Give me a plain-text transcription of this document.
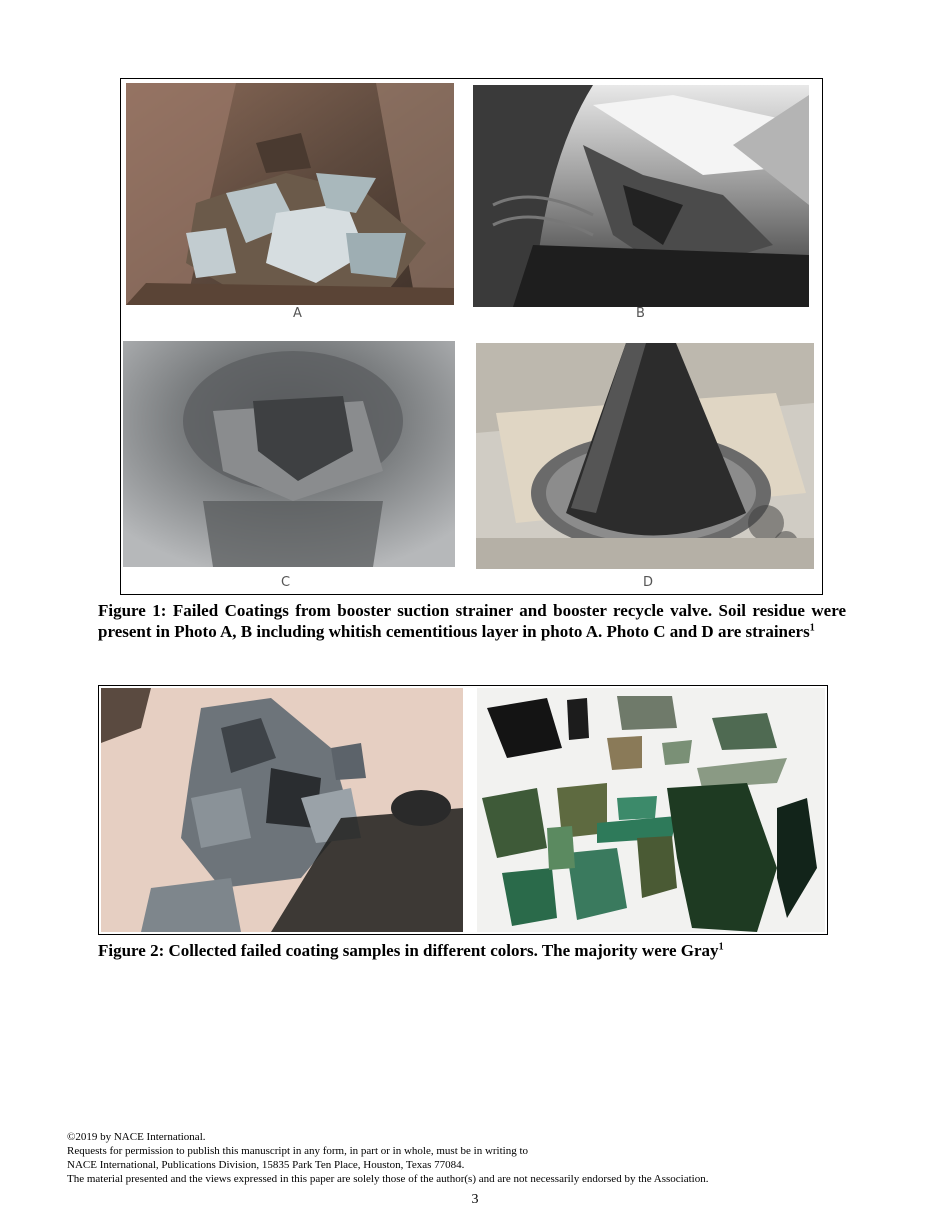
A	B
C	D
Figure 1: Failed Coatings from booster suction strainer and booster recycle valve. Soil residue were present in Photo A, B including whitish cementitious layer in photo A. Photo C and D are strainers$^1$
Figure 2: Collected failed coating samples in different colors. The majority were Gray$^1$
©2019 by NACE International.
Requests for permission to publish this manuscript in any form, in part or in whole, must be in writing to
NACE International, Publications Division, 15835 Park Ten Place, Houston, Texas 77084.
The material presented and the views expressed in this paper are solely those of the author(s) and are not necessarily endorsed by the Association.
3
